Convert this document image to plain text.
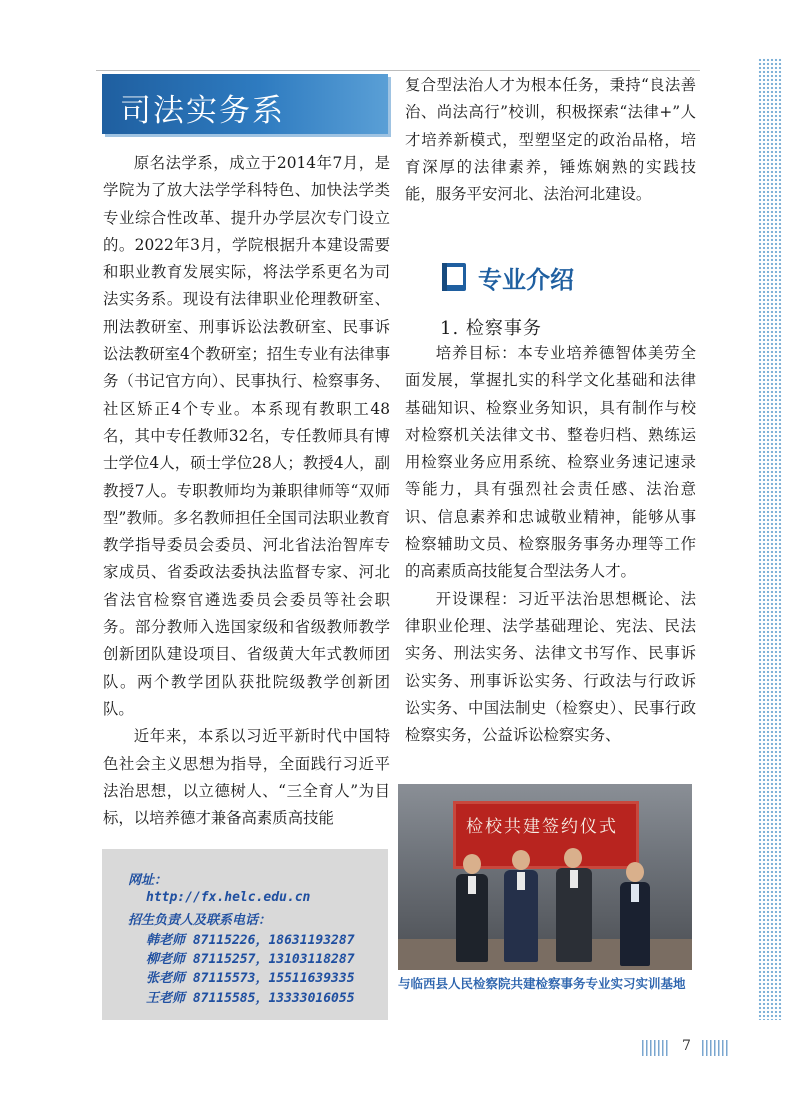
司法实务系

原名法学系，成立于2014年7月，是学院为了放大法学学科特色、加快法学类专业综合性改革、提升办学层次专门设立的。2022年3月，学院根据升本建设需要和职业教育发展实际，将法学系更名为司法实务系。现设有法律职业伦理教研室、刑法教研室、刑事诉讼法教研室、民事诉讼法教研室4个教研室；招生专业有法律事务（书记官方向）、民事执行、检察事务、社区矫正4个专业。本系现有教职工48名，其中专任教师32名，专任教师具有博士学位4人，硕士学位28人；教授4人，副教授7人。专职教师均为兼职律师等“双师型”教师。多名教师担任全国司法职业教育教学指导委员会委员、河北省法治智库专家成员、省委政法委执法监督专家、河北省法官检察官遴选委员会委员等社会职务。部分教师入选国家级和省级教师教学创新团队建设项目、省级黄大年式教师团队。两个教学团队获批院级教学创新团队。

近年来，本系以习近平新时代中国特色社会主义思想为指导，全面践行习近平法治思想，以立德树人、“三全育人”为目标，以培养德才兼备高素质高技能

复合型法治人才为根本任务，秉持“良法善治、尚法高行”校训，积极探索“法律+”人才培养新模式，型塑坚定的政治品格，培育深厚的法律素养，锤炼娴熟的实践技能，服务平安河北、法治河北建设。

专业介绍
1. 检察事务

培养目标：本专业培养德智体美劳全面发展，掌握扎实的科学文化基础和法律基础知识、检察业务知识，具有制作与校对检察机关法律文书、整卷归档、熟练运用检察业务应用系统、检察业务速记速录等能力，具有强烈社会责任感、法治意识、信息素养和忠诚敬业精神，能够从事检察辅助文员、检察服务事务办理等工作的高素质高技能复合型法务人才。

开设课程：习近平法治思想概论、法律职业伦理、法学基础理论、宪法、民法实务、刑法实务、法律文书写作、民事诉讼实务、刑事诉讼实务、行政法与行政诉讼实务、中国法制史（检察史）、民事行政检察实务，公益诉讼检察实务、

网址：
http://fx.helc.edu.cn
招生负责人及联系电话：
韩老师 87115226，18631193287
柳老师 87115257，13103118287
张老师 87115573，15511639335
王老师 87115585，13333016055
检校共建签约仪式
与临西县人民检察院共建检察事务专业实习实训基地
7
